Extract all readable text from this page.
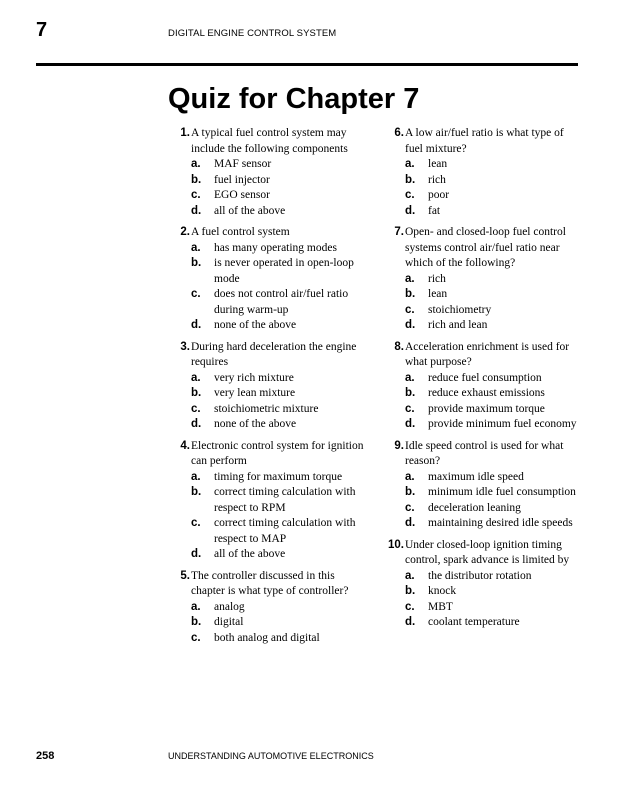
7	DIGITAL ENGINE CONTROL SYSTEM
Quiz for Chapter 7
1. A typical fuel control system may include the following components
a.	MAF sensor
b.	fuel injector
c.	EGO sensor
d.	all of the above
2. A fuel control system
a.	has many operating modes
b.	is never operated in open-loop mode
c.	does not control air/fuel ratio during warm-up
d.	none of the above
3. During hard deceleration the engine requires
a.	very rich mixture
b.	very lean mixture
c.	stoichiometric mixture
d.	none of the above
4. Electronic control system for ignition can perform
a.	timing for maximum torque
b.	correct timing calculation with respect to RPM
c.	correct timing calculation with respect to MAP
d.	all of the above
5. The controller discussed in this chapter is what type of controller?
a.	analog
b.	digital
c.	both analog and digital
6. A low air/fuel ratio is what type of fuel mixture?
a.	lean
b.	rich
c.	poor
d.	fat
7. Open- and closed-loop fuel control systems control air/fuel ratio near which of the following?
a.	rich
b.	lean
c.	stoichiometry
d.	rich and lean
8. Acceleration enrichment is used for what purpose?
a.	reduce fuel consumption
b.	reduce exhaust emissions
c.	provide maximum torque
d.	provide minimum fuel economy
9. Idle speed control is used for what reason?
a.	maximum idle speed
b.	minimum idle fuel consumption
c.	deceleration leaning
d.	maintaining desired idle speeds
10. Under closed-loop ignition timing control, spark advance is limited by
a.	the distributor rotation
b.	knock
c.	MBT
d.	coolant temperature
258	UNDERSTANDING AUTOMOTIVE ELECTRONICS
